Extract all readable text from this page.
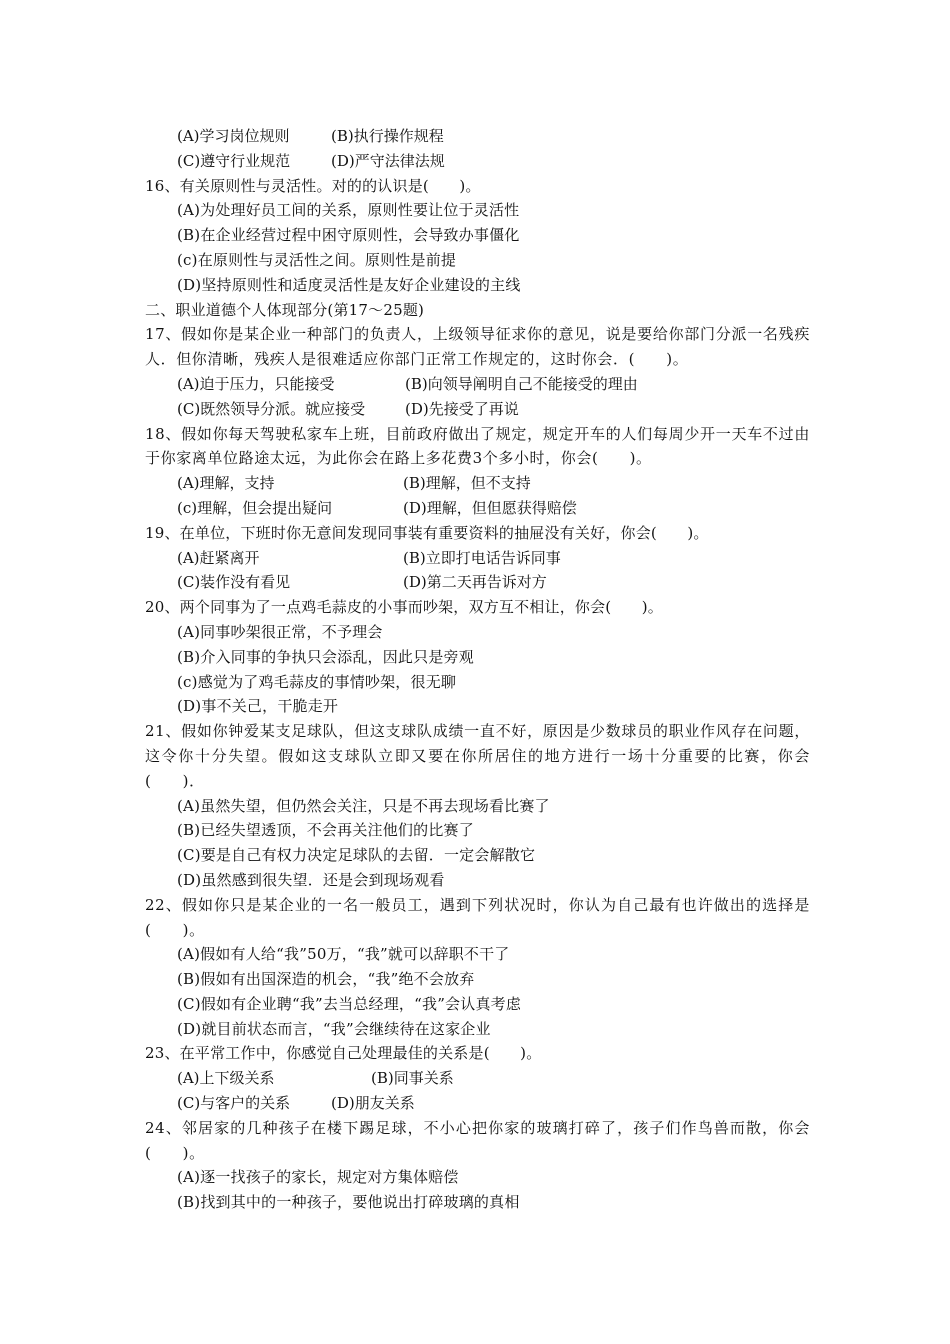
(A)学习岗位规则	(B)执行操作规程
(C)遵守行业规范	(D)严守法律法规
16、有关原则性与灵活性。对的的认识是(　　)。
(A)为处理好员工间的关系，原则性要让位于灵活性
(B)在企业经营过程中困守原则性，会导致办事僵化
(c)在原则性与灵活性之间。原则性是前提
(D)坚持原则性和适度灵活性是友好企业建设的主线
二、职业道德个人体现部分(第17～25题)
17、假如你是某企业一种部门的负责人，上级领导征求你的意见，说是要给你部门分派一名残疾人．但你清晰，残疾人是很难适应你部门正常工作规定的，这时你会．(　　)。
(A)迫于压力，只能接受	(B)向领导阐明自己不能接受的理由
(C)既然领导分派。就应接受	(D)先接受了再说
18、假如你每天驾驶私家车上班，目前政府做出了规定，规定开车的人们每周少开一天车不过由于你家离单位路途太远，为此你会在路上多花费3个多小时，你会(　　)。
(A)理解，支持	(B)理解，但不支持
(c)理解，但会提出疑问	(D)理解，但但愿获得赔偿
19、在单位，下班时你无意间发现同事装有重要资料的抽屉没有关好，你会(　　)。
(A)赶紧离开	(B)立即打电话告诉同事
(C)装作没有看见	(D)第二天再告诉对方
20、两个同事为了一点鸡毛蒜皮的小事而吵架，双方互不相让，你会(　　)。
(A)同事吵架很正常，不予理会
(B)介入同事的争执只会添乱，因此只是旁观
(c)感觉为了鸡毛蒜皮的事情吵架，很无聊
(D)事不关己，干脆走开
21、假如你钟爱某支足球队，但这支球队成绩一直不好，原因是少数球员的职业作风存在问题，这令你十分失望。假如这支球队立即又要在你所居住的地方进行一场十分重要的比赛，你会(　　)．
(A)虽然失望，但仍然会关注，只是不再去现场看比赛了
(B)已经失望透顶，不会再关注他们的比赛了
(C)要是自己有权力决定足球队的去留．一定会解散它
(D)虽然感到很失望．还是会到现场观看
22、假如你只是某企业的一名一般员工，遇到下列状况时，你认为自己最有也许做出的选择是(　　)。
(A)假如有人给“我”50万，“我”就可以辞职不干了
(B)假如有出国深造的机会，“我”绝不会放弃
(C)假如有企业聘“我”去当总经理，“我”会认真考虑
(D)就目前状态而言，“我”会继续待在这家企业
23、在平常工作中，你感觉自己处理最佳的关系是(　　)。
(A)上下级关系	(B)同事关系
(C)与客户的关系	(D)朋友关系
24、邻居家的几种孩子在楼下踢足球，不小心把你家的玻璃打碎了，孩子们作鸟兽而散，你会(　　)。
(A)逐一找孩子的家长，规定对方集体赔偿
(B)找到其中的一种孩子，要他说出打碎玻璃的真相
